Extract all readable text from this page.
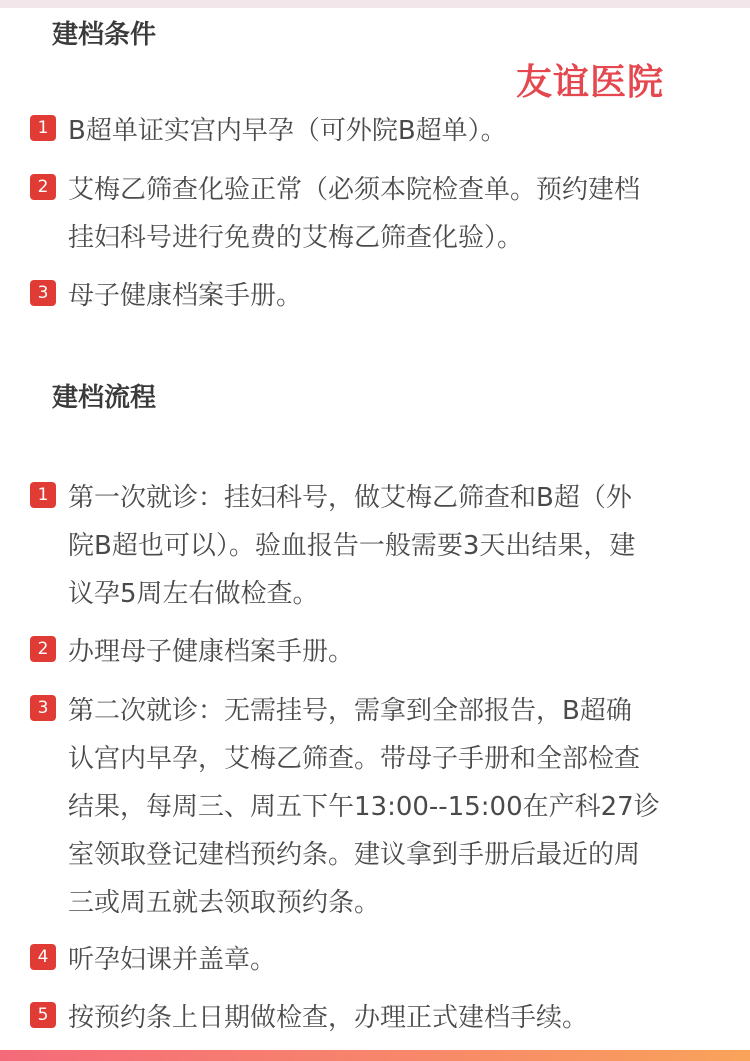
建档条件
友谊医院
1 B超单证实宫内早孕（可外院B超单）。
2 艾梅乙筛查化验正常（必须本院检查单。预约建档
挂妇科号进行免费的艾梅乙筛查化验）。
3 母子健康档案手册。
建档流程
1 第一次就诊：挂妇科号，做艾梅乙筛查和B超（外
院B超也可以）。验血报告一般需要3天出结果，建
议孕5周左右做检查。
2 办理母子健康档案手册。
3 第二次就诊：无需挂号，需拿到全部报告，B超确
认宫内早孕，艾梅乙筛查。带母子手册和全部检查
结果，每周三、周五下午13:00--15:00在产科27诊
室领取登记建档预约条。建议拿到手册后最近的周
三或周五就去领取预约条。
4 听孕妇课并盖章。
5 按预约条上日期做检查，办理正式建档手续。
